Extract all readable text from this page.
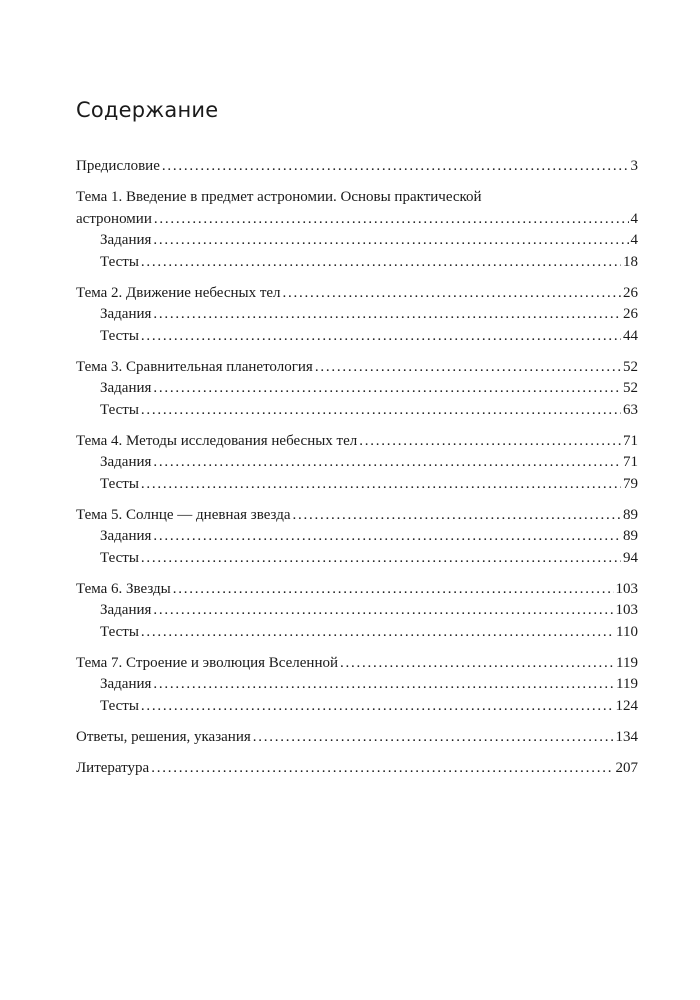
Содержание
Предисловие . . .	3
Тема 1. Введение в предмет астрономии. Основы практической
астрономии . . .	4
Задания . . .	4
Тесты . . .	18
Тема 2. Движение небесных тел . . .	26
Задания . . .	26
Тесты . . .	44
Тема 3. Сравнительная планетология . . .	52
Задания . . .	52
Тесты . . .	63
Тема 4. Методы исследования небесных тел . . .	71
Задания . . .	71
Тесты . . .	79
Тема 5. Солнце — дневная звезда . . .	89
Задания . . .	89
Тесты . . .	94
Тема 6. Звезды . . .	103
Задания . . .	103
Тесты . . .	110
Тема 7. Строение и эволюция Вселенной . . .	119
Задания . . .	119
Тесты . . .	124
Ответы, решения, указания . . .	134
Литература . . .	207
